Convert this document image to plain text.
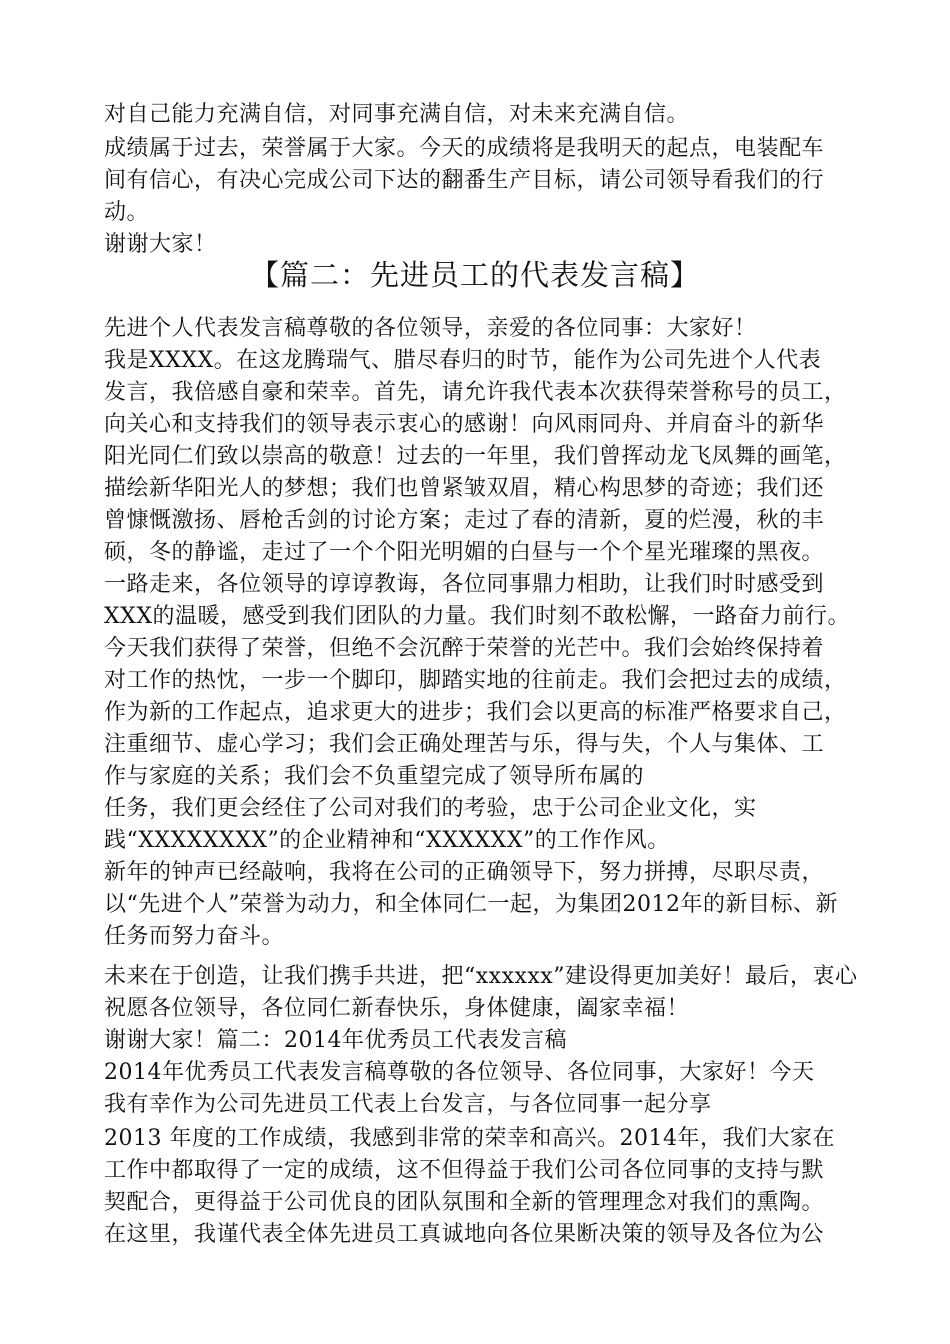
对自己能力充满自信，对同事充满自信，对未来充满自信。
成绩属于过去，荣誉属于大家。今天的成绩将是我明天的起点，电装配车
间有信心，有决心完成公司下达的翻番生产目标，请公司领导看我们的行
动。
谢谢大家！
【篇二：先进员工的代表发言稿】
先进个人代表发言稿尊敬的各位领导，亲爱的各位同事：大家好！
我是XXXX。在这龙腾瑞气、腊尽春归的时节，能作为公司先进个人代表
发言，我倍感自豪和荣幸。首先，请允许我代表本次获得荣誉称号的员工，
向关心和支持我们的领导表示衷心的感谢！向风雨同舟、并肩奋斗的新华
阳光同仁们致以崇高的敬意！过去的一年里，我们曾挥动龙飞凤舞的画笔，
描绘新华阳光人的梦想；我们也曾紧皱双眉，精心构思梦的奇迹；我们还
曾慷慨激扬、唇枪舌剑的讨论方案；走过了春的清新，夏的烂漫，秋的丰
硕，冬的静谧，走过了一个个阳光明媚的白昼与一个个星光璀璨的黑夜。
一路走来，各位领导的谆谆教诲，各位同事鼎力相助，让我们时时感受到
XXX的温暖，感受到我们团队的力量。我们时刻不敢松懈，一路奋力前行。
今天我们获得了荣誉，但绝不会沉醉于荣誉的光芒中。我们会始终保持着
对工作的热忱，一步一个脚印，脚踏实地的往前走。我们会把过去的成绩，
作为新的工作起点，追求更大的进步；我们会以更高的标准严格要求自己，
注重细节、虚心学习；我们会正确处理苦与乐，得与失，个人与集体、工
作与家庭的关系；我们会不负重望完成了领导所布属的
任务，我们更会经住了公司对我们的考验，忠于公司企业文化，实
践“XXXXXXXX”的企业精神和“XXXXXX”的工作作风。
新年的钟声已经敲响，我将在公司的正确领导下，努力拼搏，尽职尽责，
以“先进个人”荣誉为动力，和全体同仁一起，为集团2012年的新目标、新
任务而努力奋斗。
未来在于创造，让我们携手共进，把“xxxxxx”建设得更加美好！最后，衷心
祝愿各位领导，各位同仁新春快乐，身体健康，阖家幸福！
谢谢大家！篇二：2014年优秀员工代表发言稿
2014年优秀员工代表发言稿尊敬的各位领导、各位同事，大家好！今天
我有幸作为公司先进员工代表上台发言，与各位同事一起分享
2013 年度的工作成绩，我感到非常的荣幸和高兴。2014年，我们大家在
工作中都取得了一定的成绩，这不但得益于我们公司各位同事的支持与默
契配合，更得益于公司优良的团队氛围和全新的管理理念对我们的熏陶。
在这里，我谨代表全体先进员工真诚地向各位果断决策的领导及各位为公
